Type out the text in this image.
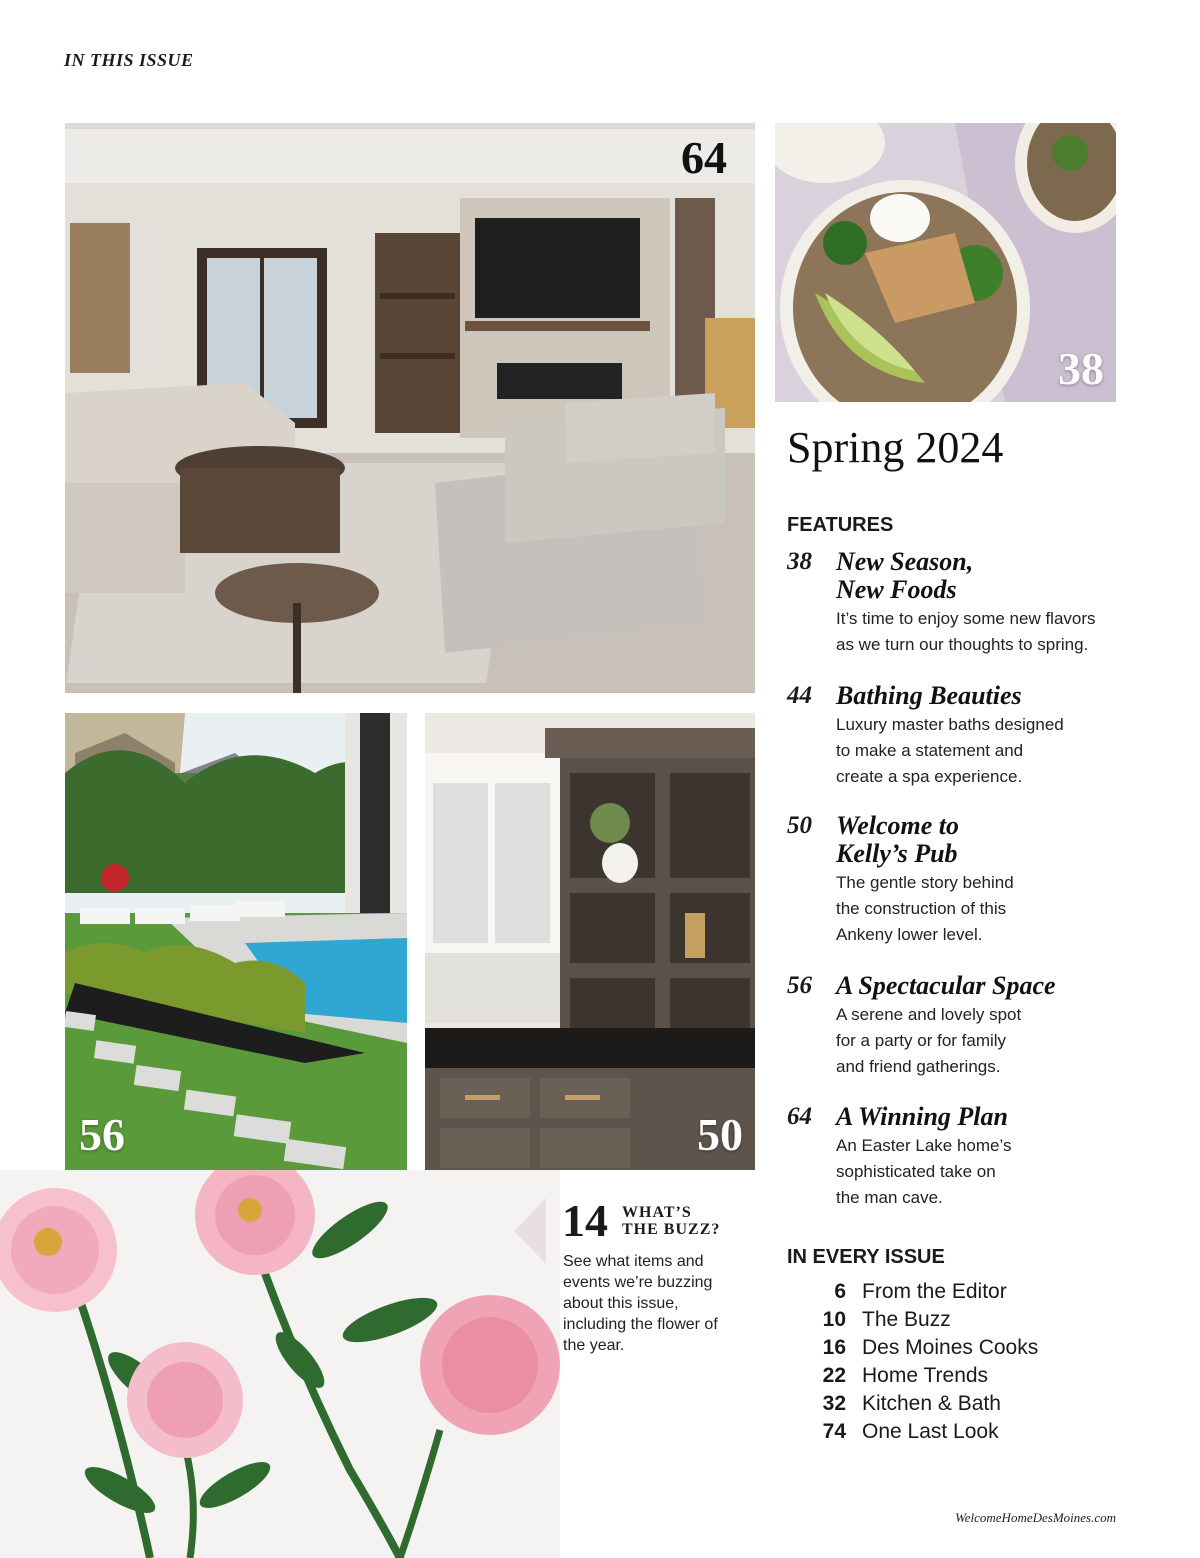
IN THIS ISSUE
64
38
56	50
Spring 2024
FEATURES
38 New Season,
New Foods
It’s time to enjoy some new flavors
as we turn our thoughts to spring.
44 Bathing Beauties
Luxury master baths designed
to make a statement and
create a spa experience.
50 Welcome to
Kelly’s Pub
The gentle story behind
the construction of this
Ankeny lower level.
56 A Spectacular Space
A serene and lovely spot
for a party or for family
and friend gatherings.
64 A Winning Plan
An Easter Lake home’s
sophisticated take on
the man cave.
IN EVERY ISSUE
6 From the Editor
10 The Buzz
16 Des Moines Cooks
22 Home Trends
32 Kitchen & Bath
74 One Last Look
14 WHAT’S
THE BUZZ?
See what items and
events we’re buzzing
about this issue,
including the flower of
the year.
WelcomeHomeDesMoines.com
